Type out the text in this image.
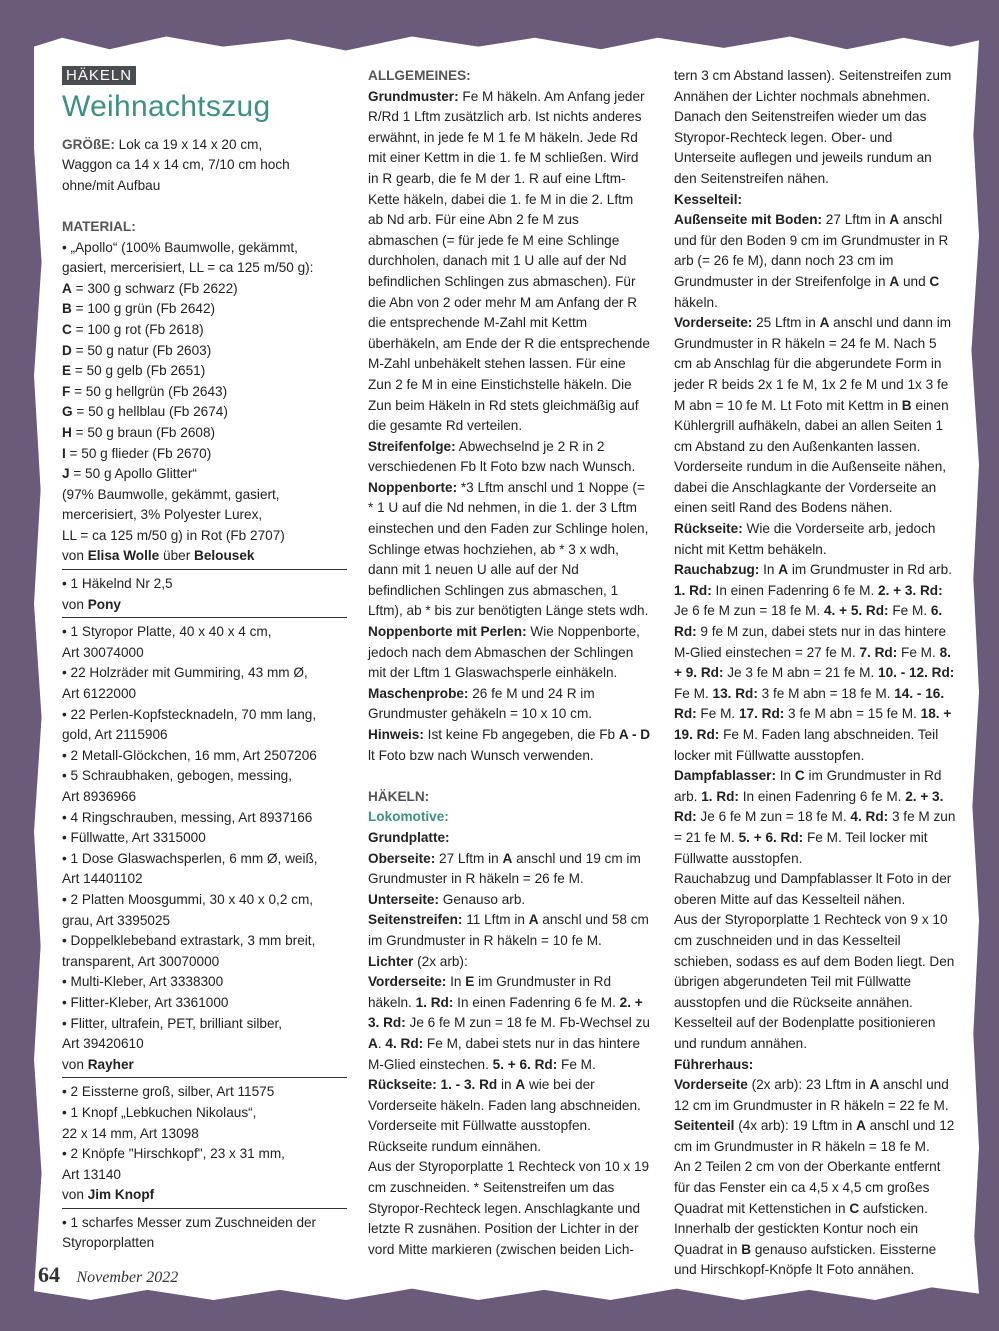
HÄKELN
Weihnachtszug
GRÖßE: Lok ca 19 x 14 x 20 cm,
Waggon ca 14 x 14 cm, 7/10 cm hoch
ohne/mit Aufbau
MATERIAL:
• „Apollo“ (100% Baumwolle, gekämmt,
gasiert, mercerisiert, LL = ca 125 m/50 g):
A = 300 g schwarz (Fb 2622)
B = 100 g grün (Fb 2642)
C = 100 g rot (Fb 2618)
D = 50 g natur (Fb 2603)
E = 50 g gelb (Fb 2651)
F = 50 g hellgrün (Fb 2643)
G = 50 g hellblau (Fb 2674)
H = 50 g braun (Fb 2608)
I = 50 g flieder (Fb 2670)
J = 50 g Apollo Glitter“
(97% Baumwolle, gekämmt, gasiert,
mercerisiert, 3% Polyester Lurex,
LL = ca 125 m/50 g) in Rot (Fb 2707)
von Elisa Wolle über Belousek
• 1 Häkelnd Nr 2,5
von Pony
• 1 Styropor Platte, 40 x 40 x 4 cm,
Art 30074000
• 22 Holzräder mit Gummiring, 43 mm Ø,
Art 6122000
• 22 Perlen-Kopfstecknadeln, 70 mm lang,
gold, Art 2115906
• 2 Metall-Glöckchen, 16 mm, Art 2507206
• 5 Schraubhaken, gebogen, messing,
Art 8936966
• 4 Ringschrauben, messing, Art 8937166
• Füllwatte, Art 3315000
• 1 Dose Glaswachsperlen, 6 mm Ø, weiß,
Art 14401102
• 2 Platten Moosgummi, 30 x 40 x 0,2 cm,
grau, Art 3395025
• Doppelklebeband extrastark, 3 mm breit,
transparent, Art 30070000
• Multi-Kleber, Art 3338300
• Flitter-Kleber, Art 3361000
• Flitter, ultrafein, PET, brilliant silber,
Art 39420610
von Rayher
• 2 Eissterne groß, silber, Art 11575
• 1 Knopf „Lebkuchen Nikolaus“,
22 x 14 mm, Art 13098
• 2 Knöpfe "Hirschkopf", 23 x 31 mm,
Art 13140
von Jim Knopf
• 1 scharfes Messer zum Zuschneiden der
Styroporplatten
ALLGEMEINES:
Grundmuster: Fe M häkeln. Am Anfang jeder R/Rd 1 Lftm zusätzlich arb. Ist nichts anderes erwähnt, in jede fe M 1 fe M häkeln. Jede Rd mit einer Kettm in die 1. fe M schließen. Wird in R gearb, die fe M der 1. R auf eine Lftm-Kette häkeln, dabei die 1. fe M in die 2. Lftm ab Nd arb. Für eine Abn 2 fe M zus abmaschen (= für jede fe M eine Schlinge durchholen, danach mit 1 U alle auf der Nd befindlichen Schlingen zus abmaschen). Für die Abn von 2 oder mehr M am Anfang der R die entsprechende M-Zahl mit Kettm überhäkeln, am Ende der R die entsprechende M-Zahl unbehäkelt stehen lassen. Für eine Zun 2 fe M in eine Einstichstelle häkeln. Die Zun beim Häkeln in Rd stets gleichmäßig auf die gesamte Rd verteilen.
Streifenfolge: Abwechselnd je 2 R in 2 verschiedenen Fb lt Foto bzw nach Wunsch.
Noppenborte: *3 Lftm anschl und 1 Noppe (= * 1 U auf die Nd nehmen, in die 1. der 3 Lftm einstechen und den Faden zur Schlinge holen, Schlinge etwas hochziehen, ab * 3 x wdh, dann mit 1 neuen U alle auf der Nd befindlichen Schlingen zus abmaschen, 1 Lftm), ab * bis zur benötigten Länge stets wdh.
Noppenborte mit Perlen: Wie Noppenborte, jedoch nach dem Abmaschen der Schlingen mit der Lftm 1 Glaswachsperle einhäkeln.
Maschenprobe: 26 fe M und 24 R im Grundmuster gehäkeln = 10 x 10 cm.
Hinweis: Ist keine Fb angegeben, die Fb A - D lt Foto bzw nach Wunsch verwenden.
HÄKELN:
Lokomotive:
Grundplatte:
Oberseite: 27 Lftm in A anschl und 19 cm im Grundmuster in R häkeln = 26 fe M.
Unterseite: Genauso arb.
Seitenstreifen: 11 Lftm in A anschl und 58 cm im Grundmuster in R häkeln = 10 fe M.
Lichter (2x arb):
Vorderseite: In E im Grundmuster in Rd häkeln. 1. Rd: In einen Fadenring 6 fe M. 2. + 3. Rd: Je 6 fe M zun = 18 fe M. Fb-Wechsel zu A. 4. Rd: Fe M, dabei stets nur in das hintere M-Glied einstechen. 5. + 6. Rd: Fe M.
Rückseite: 1. - 3. Rd in A wie bei der Vorderseite häkeln. Faden lang abschneiden. Vorderseite mit Füllwatte ausstopfen. Rückseite rundum einnähen.
Aus der Styroporplatte 1 Rechteck von 10 x 19 cm zuschneiden. * Seitenstreifen um das Styropor-Rechteck legen. Anschlagkante und letzte R zusnähen. Position der Lichter in der vord Mitte markieren (zwischen beiden Lich-
tern 3 cm Abstand lassen). Seitenstreifen zum Annähen der Lichter nochmals abnehmen. Danach den Seitenstreifen wieder um das Styropor-Rechteck legen. Ober- und Unterseite auflegen und jeweils rundum an den Seitenstreifen nähen.
Kesselteil:
Außenseite mit Boden: 27 Lftm in A anschl und für den Boden 9 cm im Grundmuster in R arb (= 26 fe M), dann noch 23 cm im Grundmuster in der Streifenfolge in A und C häkeln.
Vorderseite: 25 Lftm in A anschl und dann im Grundmuster in R häkeln = 24 fe M. Nach 5 cm ab Anschlag für die abgerundete Form in jeder R beids 2x 1 fe M, 1x 2 fe M und 1x 3 fe M abn = 10 fe M. Lt Foto mit Kettm in B einen Kühlergrill aufhäkeln, dabei an allen Seiten 1 cm Abstand zu den Außenkanten lassen. Vorderseite rundum in die Außenseite nähen, dabei die Anschlagkante der Vorderseite an einen seitl Rand des Bodens nähen.
Rückseite: Wie die Vorderseite arb, jedoch nicht mit Kettm behäkeln.
Rauchabzug: In A im Grundmuster in Rd arb. 1. Rd: In einen Fadenring 6 fe M. 2. + 3. Rd: Je 6 fe M zun = 18 fe M. 4. + 5. Rd: Fe M. 6. Rd: 9 fe M zun, dabei stets nur in das hintere M-Glied einstechen = 27 fe M. 7. Rd: Fe M. 8. + 9. Rd: Je 3 fe M abn = 21 fe M. 10. - 12. Rd: Fe M. 13. Rd: 3 fe M abn = 18 fe M. 14. - 16. Rd: Fe M. 17. Rd: 3 fe M abn = 15 fe M. 18. + 19. Rd: Fe M. Faden lang abschneiden. Teil locker mit Füllwatte ausstopfen.
Dampfablasser: In C im Grundmuster in Rd arb. 1. Rd: In einen Fadenring 6 fe M. 2. + 3. Rd: Je 6 fe M zun = 18 fe M. 4. Rd: 3 fe M zun = 21 fe M. 5. + 6. Rd: Fe M. Teil locker mit Füllwatte ausstopfen.
Rauchabzug und Dampfablasser lt Foto in der oberen Mitte auf das Kesselteil nähen.
Aus der Styroporplatte 1 Rechteck von 9 x 10 cm zuschneiden und in das Kesselteil schieben, sodass es auf dem Boden liegt. Den übrigen abgerundeten Teil mit Füllwatte ausstopfen und die Rückseite annähen.
Kesselteil auf der Bodenplatte positionieren und rundum annähen.
Führerhaus:
Vorderseite (2x arb): 23 Lftm in A anschl und 12 cm im Grundmuster in R häkeln = 22 fe M.
Seitenteil (4x arb): 19 Lftm in A anschl und 12 cm im Grundmuster in R häkeln = 18 fe M.
An 2 Teilen 2 cm von der Oberkante entfernt für das Fenster ein ca 4,5 x 4,5 cm großes Quadrat mit Kettenstichen in C aufsticken. Innerhalb der gestickten Kontur noch ein Quadrat in B genauso aufsticken. Eissterne und Hirschkopf-Knöpfe lt Foto annähen.
64 November 2022
